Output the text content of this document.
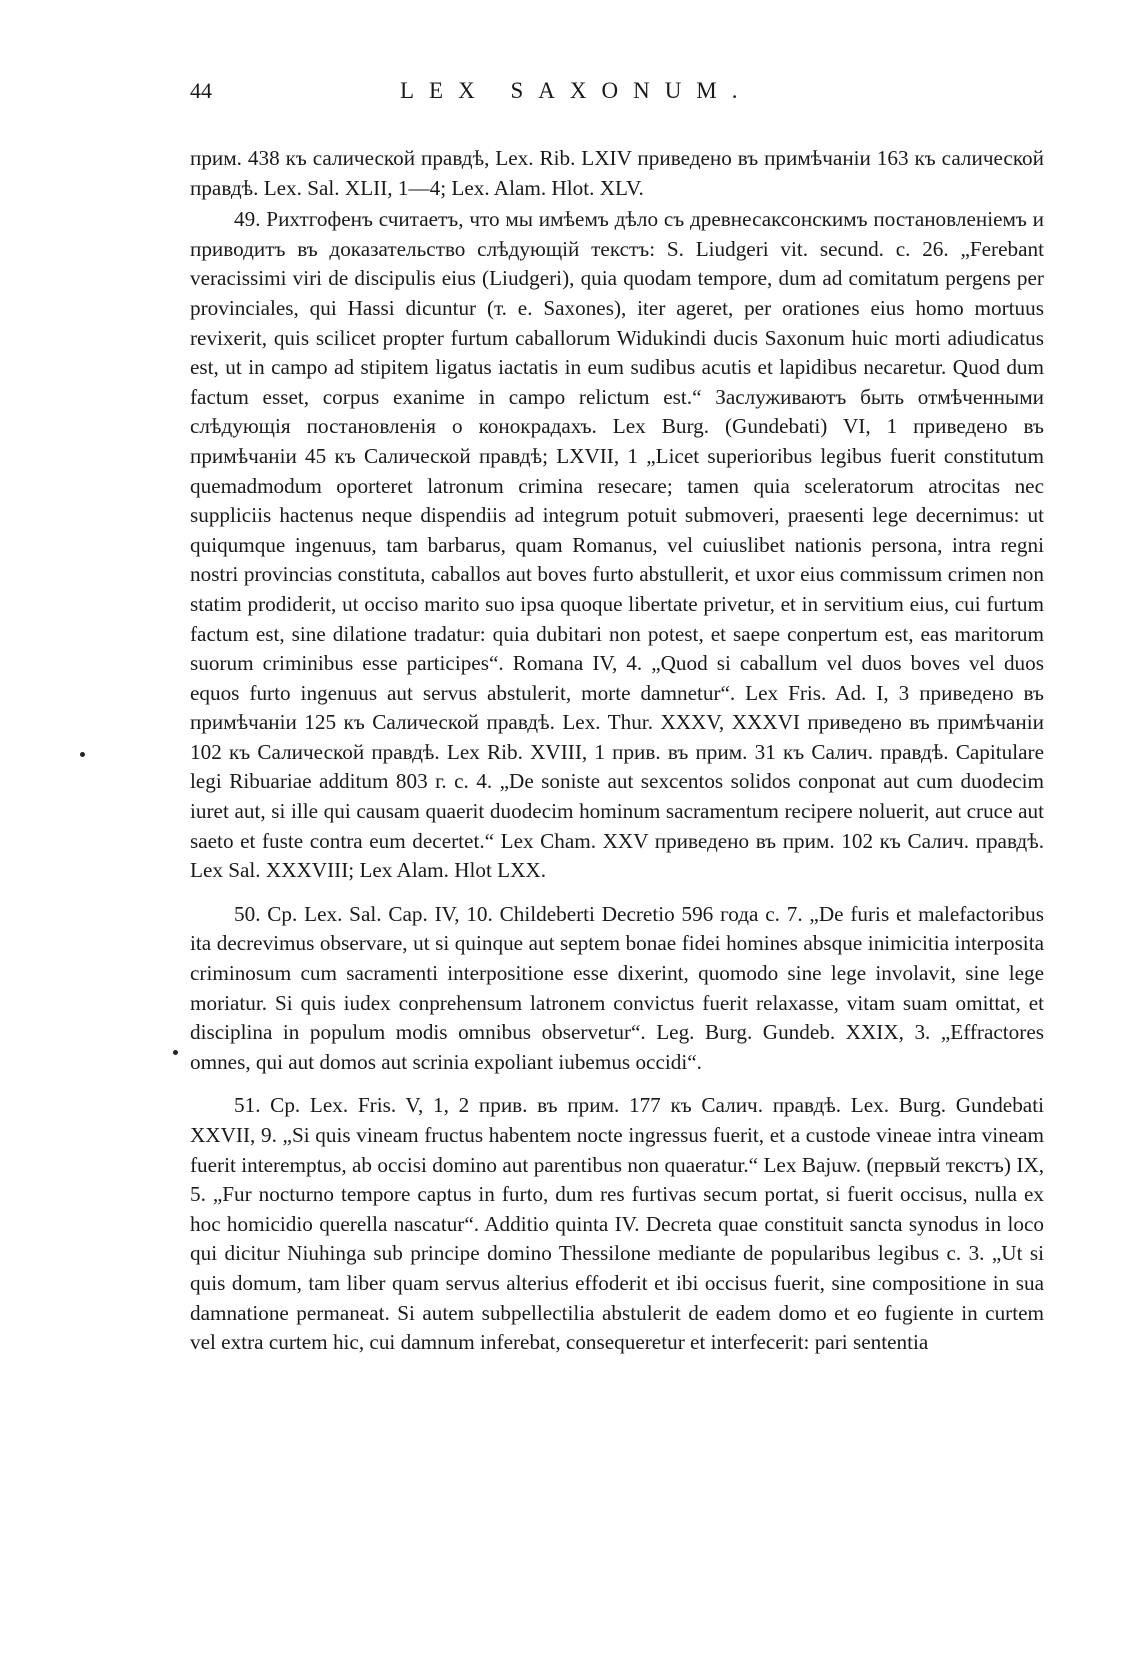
44	LEX SAXONUM.

прим. 438 къ салической правдѣ, Lex. Rib. LXIV приведено въ примѣчаніи 163 къ салической правдѣ. Lex. Sal. XLII, 1—4; Lex. Alam. Hlot. XLV.

49. Рихтгофенъ считаетъ, что мы имѣемъ дѣло съ древнесаксонскимъ постановленіемъ и приводитъ въ доказательство слѣдующій текстъ: S. Liudgeri vit. secund. c. 26. „Ferebant veracissimi viri de discipulis eius (Liudgeri), quia quodam tempore, dum ad comitatum pergens per provinciales, qui Hassi dicuntur (т. е. Saxones), iter ageret, per orationes eius homo mortuus revixerit, quis scilicet propter furtum caballorum Widukindi ducis Saxonum huic morti adiudicatus est, ut in campo ad stipitem ligatus iactatis in eum sudibus acutis et lapidibus necaretur. Quod dum factum esset, corpus exanime in campo relictum est.“ Заслуживаютъ быть отмѣченными слѣдующія постановленія о конокрадахъ. Lex Burg. (Gundebati) VI, 1 приведено въ примѣчаніи 45 къ Салической правдѣ; LXVII, 1 „Licet superioribus legibus fuerit constitutum quemadmodum oporteret latronum crimina resecare; tamen quia sceleratorum atrocitas nec suppliciis hactenus neque dispendiis ad integrum potuit submoveri, praesenti lege decernimus: ut quiqumque ingenuus, tam barbarus, quam Romanus, vel cuiuslibet nationis persona, intra regni nostri provincias constituta, caballos aut boves furto abstullerit, et uxor eius commissum crimen non statim prodiderit, ut occiso marito suo ipsa quoque libertate privetur, et in servitium eius, cui furtum factum est, sine dilatione tradatur: quia dubitari non potest, et saepe conpertum est, eas maritorum suorum criminibus esse participes“. Romana IV, 4. „Quod si caballum vel duos boves vel duos equos furto ingenuus aut servus abstulerit, morte damnetur“. Lex Fris. Ad. I, 3 приведено въ примѣчаніи 125 къ Салической правдѣ. Lex. Thur. XXXV, XXXVI приведено въ примѣчаніи 102 къ Салической правдѣ. Lex Rib. XVIII, 1 прив. въ прим. 31 къ Салич. правдѣ. Capitulare legi Ribuariae additum 803 г. с. 4. „De soniste aut sexcentos solidos conponat aut cum duodecim iuret aut, si ille qui causam quaerit duodecim hominum sacramentum recipere noluerit, aut cruce aut saeto et fuste contra eum decertet.“ Lex Cham. XXV приведено въ прим. 102 къ Салич. правдѣ. Lex Sal. XXXVIII; Lex Alam. Hlot LXX.

50. Ср. Lex. Sal. Cap. IV, 10. Childeberti Decretio 596 года c. 7. „De furis et malefactoribus ita decrevimus observare, ut si quinque aut septem bonae fidei homines absque inimicitia interposita criminosum cum sacramenti interpositione esse dixerint, quomodo sine lege involavit, sine lege moriatur. Si quis iudex conprehensum latronem convictus fuerit relaxasse, vitam suam omittat, et disciplina in populum modis omnibus observetur“. Leg. Burg. Gundeb. XXIX, 3. „Effractores omnes, qui aut domos aut scrinia expoliant iubemus occidi“.

51. Ср. Lex. Fris. V, 1, 2 прив. въ прим. 177 къ Салич. правдѣ. Lex. Burg. Gundebati XXVII, 9. „Si quis vineam fructus habentem nocte ingressus fuerit, et a custode vineae intra vineam fuerit interemptus, ab occisi domino aut parentibus non quaeratur.“ Lex Bajuw. (первый текстъ) IX, 5. „Fur nocturno tempore captus in furto, dum res furtivas secum portat, si fuerit occisus, nulla ex hoc homicidio querella nascatur“. Additio quinta IV. Decreta quae constituit sancta synodus in loco qui dicitur Niuhinga sub principe domino Thessilone mediante de popularibus legibus c. 3. „Ut si quis domum, tam liber quam servus alterius effoderit et ibi occisus fuerit, sine compositione in sua damnatione permaneat. Si autem subpellectilia abstulerit de eadem domo et eo fugiente in curtem vel extra curtem hic, cui damnum inferebat, consequeretur et interfecerit: pari sententia
